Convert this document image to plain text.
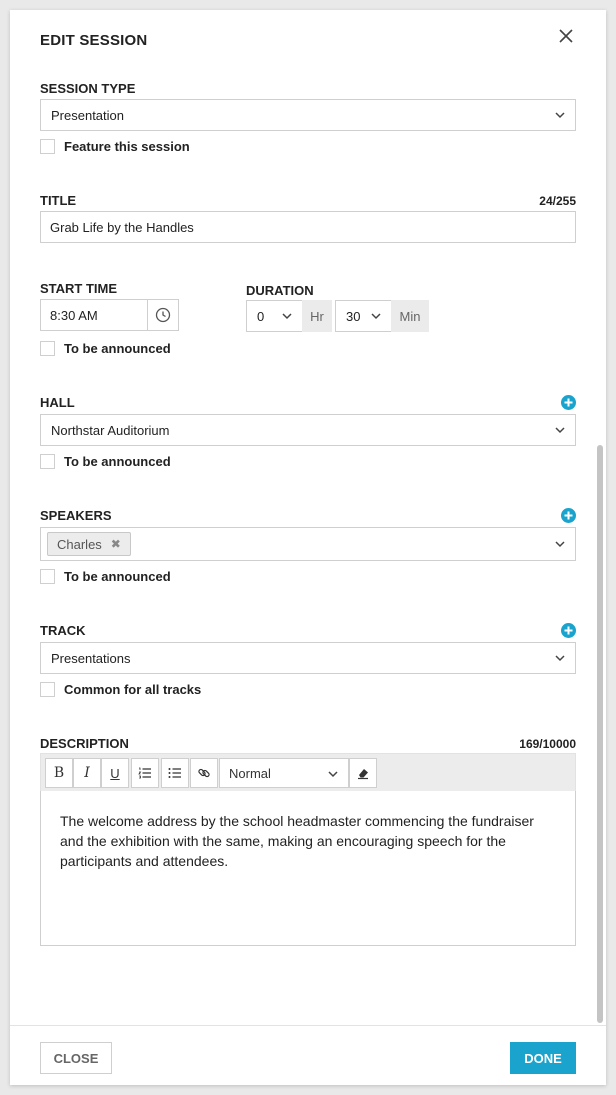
EDIT SESSION
SESSION TYPE
Presentation
Feature this session
TITLE	24/255
Grab Life by the Handles
START TIME
8:30 AM
To be announced
DURATION
0	Hr	30	Min
HALL
Northstar Auditorium
To be announced
SPEAKERS
Charles ✖
To be announced
TRACK
Presentations
Common for all tracks
DESCRIPTION	169/10000
B	I	U	Normal

The welcome address by the school headmaster commencing the fundraiser and the exhibition with the same, making an encouraging speech for the participants and attendees.

CLOSE	DONE
